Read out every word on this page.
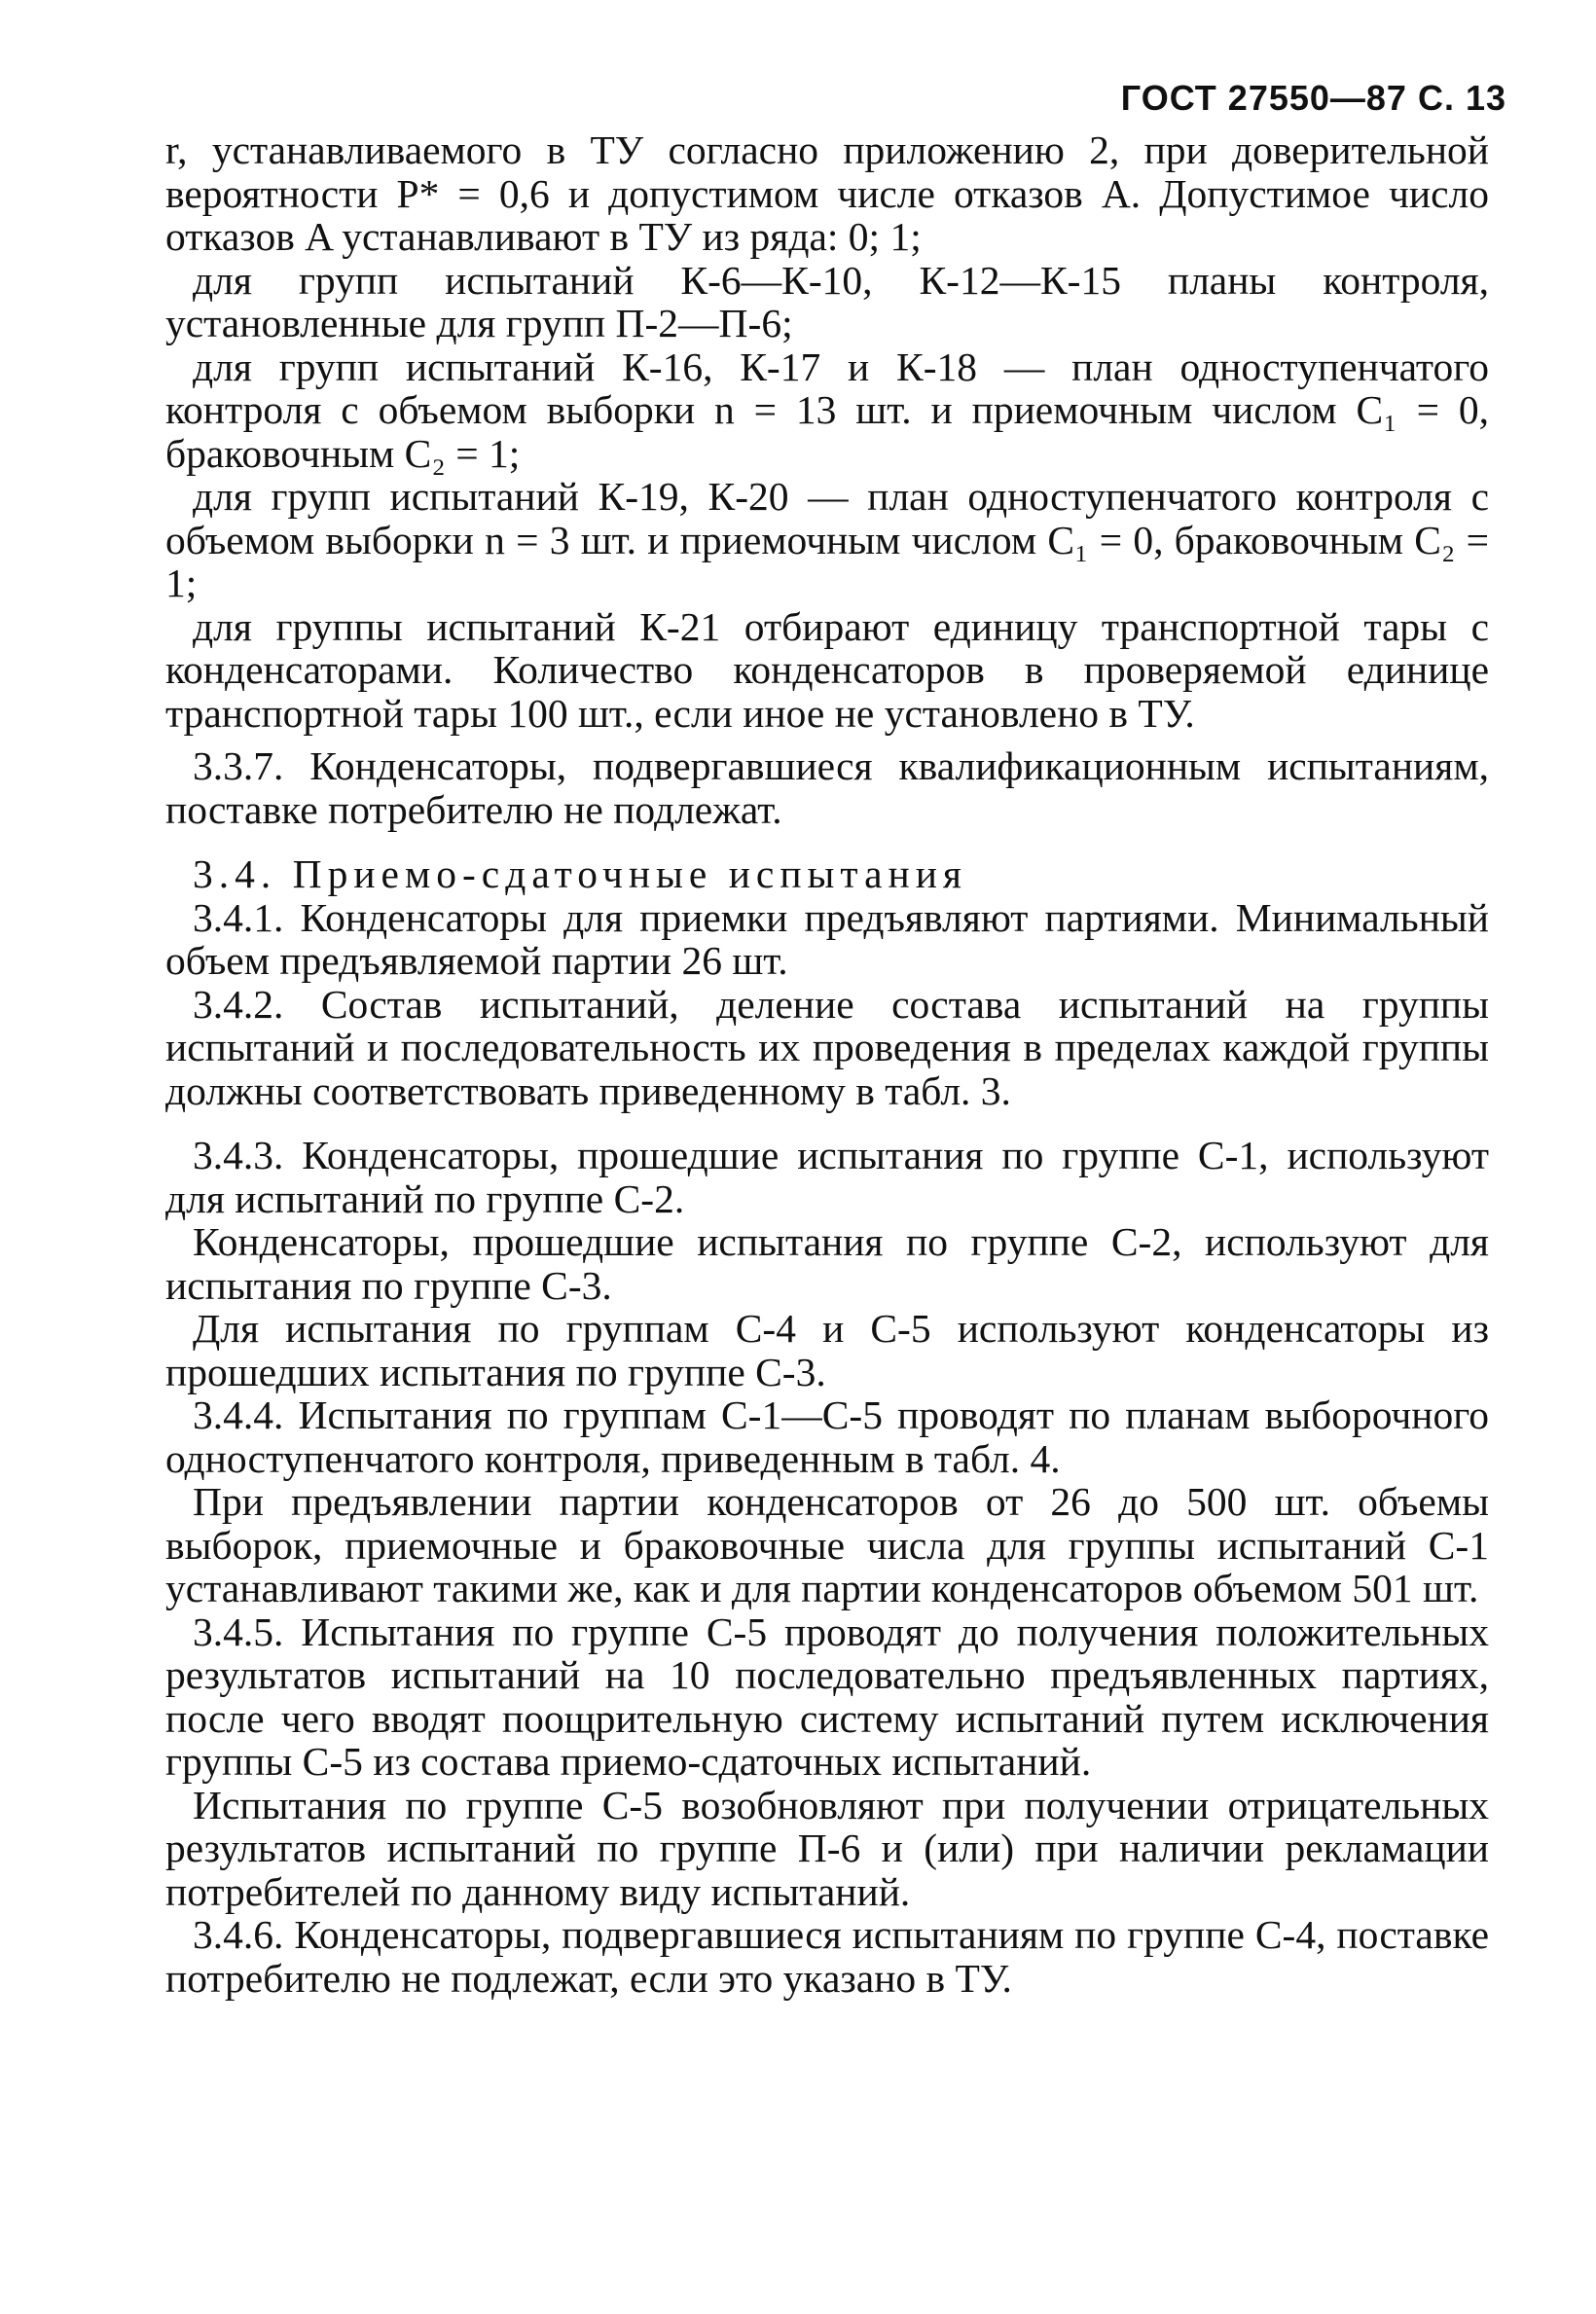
ГОСТ 27550—87 С. 13

r, устанавливаемого в ТУ согласно приложению 2, при доверительной вероятности P* = 0,6 и допустимом числе отказов A. Допустимое число отказов A устанавливают в ТУ из ряда: 0; 1;

для групп испытаний К-6—К-10, К-12—К-15 планы контроля, установленные для групп П-2—П-6;

для групп испытаний К-16, К-17 и К-18 — план одноступенчатого контроля с объемом выборки n = 13 шт. и приемочным числом C₁ = 0, браковочным C₂ = 1;

для групп испытаний К-19, К-20 — план одноступенчатого контроля с объемом выборки n = 3 шт. и приемочным числом C₁ = 0, браковочным C₂ = 1;

для группы испытаний К-21 отбирают единицу транспортной тары с конденсаторами. Количество конденсаторов в проверяемой единице транспортной тары 100 шт., если иное не установлено в ТУ.

3.3.7. Конденсаторы, подвергавшиеся квалификационным испытаниям, поставке потребителю не подлежат.

3.4. Приемо-сдаточные испытания

3.4.1. Конденсаторы для приемки предъявляют партиями. Минимальный объем предъявляемой партии 26 шт.

3.4.2. Состав испытаний, деление состава испытаний на группы испытаний и последовательность их проведения в пределах каждой группы должны соответствовать приведенному в табл. 3.

3.4.3. Конденсаторы, прошедшие испытания по группе С-1, используют для испытаний по группе С-2.

Конденсаторы, прошедшие испытания по группе С-2, используют для испытания по группе С-3.

Для испытания по группам С-4 и С-5 используют конденсаторы из прошедших испытания по группе С-3.

3.4.4. Испытания по группам С-1—С-5 проводят по планам выборочного одноступенчатого контроля, приведенным в табл. 4.

При предъявлении партии конденсаторов от 26 до 500 шт. объемы выборок, приемочные и браковочные числа для группы испытаний С-1 устанавливают такими же, как и для партии конденсаторов объемом 501 шт.

3.4.5. Испытания по группе С-5 проводят до получения положительных результатов испытаний на 10 последовательно предъявленных партиях, после чего вводят поощрительную систему испытаний путем исключения группы С-5 из состава приемо-сдаточных испытаний.

Испытания по группе С-5 возобновляют при получении отрицательных результатов испытаний по группе П-6 и (или) при наличии рекламации потребителей по данному виду испытаний.

3.4.6. Конденсаторы, подвергавшиеся испытаниям по группе С-4, поставке потребителю не подлежат, если это указано в ТУ.
